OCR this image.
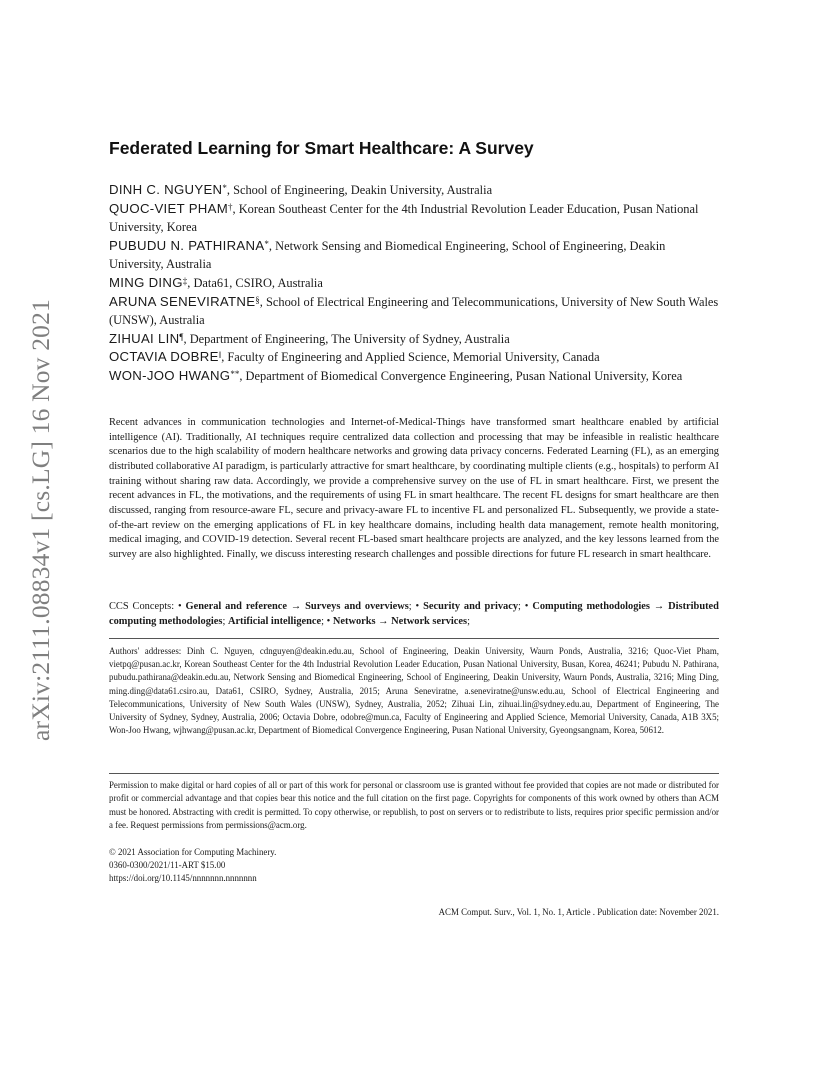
arXiv:2111.08834v1 [cs.LG] 16 Nov 2021
Federated Learning for Smart Healthcare: A Survey
DINH C. NGUYEN*, School of Engineering, Deakin University, Australia
QUOC-VIET PHAM†, Korean Southeast Center for the 4th Industrial Revolution Leader Education, Pusan National University, Korea
PUBUDU N. PATHIRANA*, Network Sensing and Biomedical Engineering, School of Engineering, Deakin University, Australia
MING DING‡, Data61, CSIRO, Australia
ARUNA SENEVIRATNE§, School of Electrical Engineering and Telecommunications, University of New South Wales (UNSW), Australia
ZIHUAI LIN¶, Department of Engineering, The University of Sydney, Australia
OCTAVIA DOBRE‖, Faculty of Engineering and Applied Science, Memorial University, Canada
WON-JOO HWANG**, Department of Biomedical Convergence Engineering, Pusan National University, Korea
Recent advances in communication technologies and Internet-of-Medical-Things have transformed smart healthcare enabled by artificial intelligence (AI). Traditionally, AI techniques require centralized data collection and processing that may be infeasible in realistic healthcare scenarios due to the high scalability of modern healthcare networks and growing data privacy concerns. Federated Learning (FL), as an emerging distributed collaborative AI paradigm, is particularly attractive for smart healthcare, by coordinating multiple clients (e.g., hospitals) to perform AI training without sharing raw data. Accordingly, we provide a comprehensive survey on the use of FL in smart healthcare. First, we present the recent advances in FL, the motivations, and the requirements of using FL in smart healthcare. The recent FL designs for smart healthcare are then discussed, ranging from resource-aware FL, secure and privacy-aware FL to incentive FL and personalized FL. Subsequently, we provide a state-of-the-art review on the emerging applications of FL in key healthcare domains, including health data management, remote health monitoring, medical imaging, and COVID-19 detection. Several recent FL-based smart healthcare projects are analyzed, and the key lessons learned from the survey are also highlighted. Finally, we discuss interesting research challenges and possible directions for future FL research in smart healthcare.
CCS Concepts: • General and reference → Surveys and overviews; • Security and privacy; • Computing methodologies → Distributed computing methodologies; Artificial intelligence; • Networks → Network services;
Authors' addresses: Dinh C. Nguyen, cdnguyen@deakin.edu.au, School of Engineering, Deakin University, Waurn Ponds, Australia, 3216; Quoc-Viet Pham, vietpq@pusan.ac.kr, Korean Southeast Center for the 4th Industrial Revolution Leader Education, Pusan National University, Busan, Korea, 46241; Pubudu N. Pathirana, pubudu.pathirana@deakin.edu.au, Network Sensing and Biomedical Engineering, School of Engineering, Deakin University, Waurn Ponds, Australia, 3216; Ming Ding, ming.ding@data61.csiro.au, Data61, CSIRO, Sydney, Australia, 2015; Aruna Seneviratne, a.seneviratne@unsw.edu.au, School of Electrical Engineering and Telecommunications, University of New South Wales (UNSW), Sydney, Australia, 2052; Zihuai Lin, zihuai.lin@sydney.edu.au, Department of Engineering, The University of Sydney, Sydney, Australia, 2006; Octavia Dobre, odobre@mun.ca, Faculty of Engineering and Applied Science, Memorial University, Canada, A1B 3X5; Won-Joo Hwang, wjhwang@pusan.ac.kr, Department of Biomedical Convergence Engineering, Pusan National University, Gyeongsangnam, Korea, 50612.
Permission to make digital or hard copies of all or part of this work for personal or classroom use is granted without fee provided that copies are not made or distributed for profit or commercial advantage and that copies bear this notice and the full citation on the first page. Copyrights for components of this work owned by others than ACM must be honored. Abstracting with credit is permitted. To copy otherwise, or republish, to post on servers or to redistribute to lists, requires prior specific permission and/or a fee. Request permissions from permissions@acm.org.
© 2021 Association for Computing Machinery.
0360-0300/2021/11-ART $15.00
https://doi.org/10.1145/nnnnnnn.nnnnnnn
ACM Comput. Surv., Vol. 1, No. 1, Article . Publication date: November 2021.
